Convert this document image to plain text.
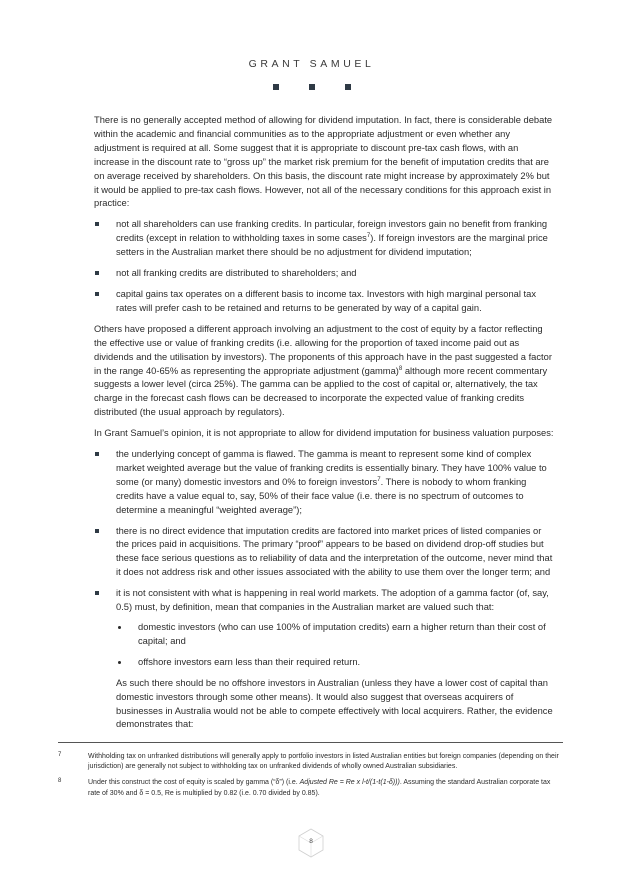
GRANT SAMUEL

There is no generally accepted method of allowing for dividend imputation. In fact, there is considerable debate within the academic and financial communities as to the appropriate adjustment or even whether any adjustment is required at all. Some suggest that it is appropriate to discount pre-tax cash flows, with an increase in the discount rate to “gross up” the market risk premium for the benefit of imputation credits that are on average received by shareholders. On this basis, the discount rate might increase by approximately 2% but it would be applied to pre-tax cash flows. However, not all of the necessary conditions for this approach exist in practice:

not all shareholders can use franking credits. In particular, foreign investors gain no benefit from franking credits (except in relation to withholding taxes in some cases$^7$). If foreign investors are the marginal price setters in the Australian market there should be no adjustment for dividend imputation;
not all franking credits are distributed to shareholders; and
capital gains tax operates on a different basis to income tax. Investors with high marginal personal tax rates will prefer cash to be retained and returns to be generated by way of a capital gain.

Others have proposed a different approach involving an adjustment to the cost of equity by a factor reflecting the effective use or value of franking credits (i.e. allowing for the proportion of taxed income paid out as dividends and the utilisation by investors). The proponents of this approach have in the past suggested a factor in the range 40-65% as representing the appropriate adjustment (gamma)$^8$ although more recent commentary suggests a lower level (circa 25%). The gamma can be applied to the cost of capital or, alternatively, the tax charge in the forecast cash flows can be decreased to incorporate the expected value of franking credits distributed (the usual approach by regulators).

In Grant Samuel’s opinion, it is not appropriate to allow for dividend imputation for business valuation purposes:

the underlying concept of gamma is flawed. The gamma is meant to represent some kind of complex market weighted average but the value of franking credits is essentially binary. They have 100% value to some (or many) domestic investors and 0% to foreign investors$^7$. There is nobody to whom franking credits have a value equal to, say, 50% of their face value (i.e. there is no spectrum of outcomes to determine a meaningful “weighted average”);
there is no direct evidence that imputation credits are factored into market prices of listed companies or the prices paid in acquisitions. The primary “proof” appears to be based on dividend drop-off studies but these face serious questions as to reliability of data and the interpretation of the outcome, never mind that it does not address risk and other issues associated with the ability to use them over the longer term; and
it is not consistent with what is happening in real world markets. The adoption of a gamma factor (of, say, 0.5) must, by definition, mean that companies in the Australian market are valued such that:
domestic investors (who can use 100% of imputation credits) earn a higher return than their cost of capital; and
offshore investors earn less than their required return.
As such there should be no offshore investors in Australian (unless they have a lower cost of capital than domestic investors through some other means). It would also suggest that overseas acquirers of businesses in Australia would not be able to compete effectively with local acquirers. Rather, the evidence demonstrates that:
7	Withholding tax on unfranked distributions will generally apply to portfolio investors in listed Australian entities but foreign companies (depending on their jurisdiction) are generally not subject to withholding tax on unfranked dividends of wholly owned Australian subsidiaries.
8	Under this construct the cost of equity is scaled by gamma (“δ”) (i.e. Adjusted Re = Re x l-t/(1-t(1-δ))). Assuming the standard Australian corporate tax rate of 30% and δ = 0.5, Re is multiplied by 0.82 (i.e. 0.70 divided by 0.85).
8
